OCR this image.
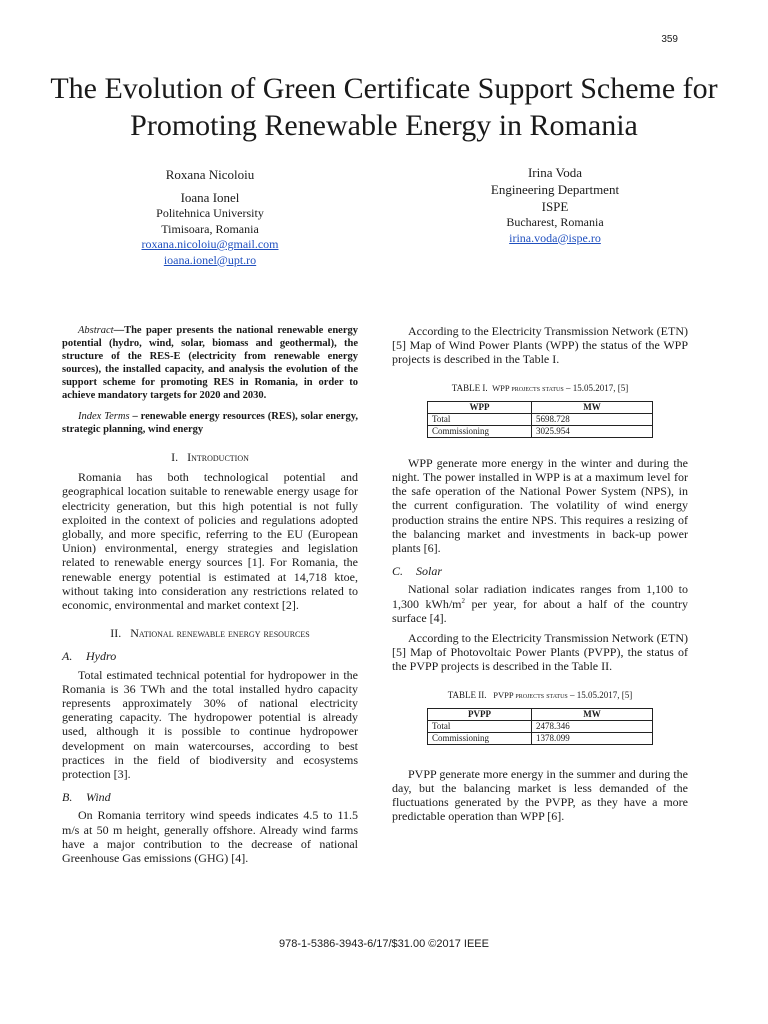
359
The Evolution of Green Certificate Support Scheme for Promoting Renewable Energy in Romania
Roxana Nicoloiu
Ioana Ionel
Politehnica University
Timisoara, Romania
roxana.nicoloiu@gmail.com
ioana.ionel@upt.ro
Irina Voda
Engineering Department
ISPE
Bucharest, Romania
irina.voda@ispe.ro

Abstract—The paper presents the national renewable energy potential (hydro, wind, solar, biomass and geothermal), the structure of the RES-E (electricity from renewable energy sources), the installed capacity, and analysis the evolution of the support scheme for promoting RES in Romania, in order to achieve mandatory targets for 2020 and 2030.

Index Terms – renewable energy resources (RES), solar energy, strategic planning, wind energy

I. Introduction

Romania has both technological potential and geographical location suitable to renewable energy usage for electricity generation, but this high potential is not fully exploited in the context of policies and regulations adopted globally, and more specific, referring to the EU (European Union) environmental, energy strategies and legislation related to renewable energy sources [1]. For Romania, the renewable energy potential is estimated at 14,718 ktoe, without taking into consideration any restrictions related to economic, environmental and market context [2].

II. National renewable energy resources

A. Hydro

Total estimated technical potential for hydropower in the Romania is 36 TWh and the total installed hydro capacity represents approximately 30% of national electricity generating capacity. The hydropower potential is already used, although it is possible to continue hydropower development on main watercourses, according to best practices in the field of biodiversity and ecosystems protection [3].

B. Wind

On Romania territory wind speeds indicates 4.5 to 11.5 m/s at 50 m height, generally offshore. Already wind farms have a major contribution to the decrease of national Greenhouse Gas emissions (GHG) [4].

According to the Electricity Transmission Network (ETN) [5] Map of Wind Power Plants (WPP) the status of the WPP projects is described in the Table I.

TABLE I. WPP projects status – 15.05.2017, [5]

WPP	MW
Total	5698.728
Commissioning	3025.954

WPP generate more energy in the winter and during the night. The power installed in WPP is at a maximum level for the safe operation of the National Power System (NPS), in the current configuration. The volatility of wind energy production strains the entire NPS. This requires a resizing of the balancing market and investments in back-up power plants [6].

C. Solar

National solar radiation indicates ranges from 1,100 to 1,300 kWh/$m^2$ per year, for about a half of the country surface [4].

According to the Electricity Transmission Network (ETN) [5] Map of Photovoltaic Power Plants (PVPP), the status of the PVPP projects is described in the Table II.

TABLE II. PVPP projects status – 15.05.2017, [5]

PVPP	MW
Total	2478.346
Commissioning	1378.099

PVPP generate more energy in the summer and during the day, but the balancing market is less demanded of the fluctuations generated by the PVPP, as they have a more predictable operation than WPP [6].

978-1-5386-3943-6/17/$31.00 ©2017 IEEE
